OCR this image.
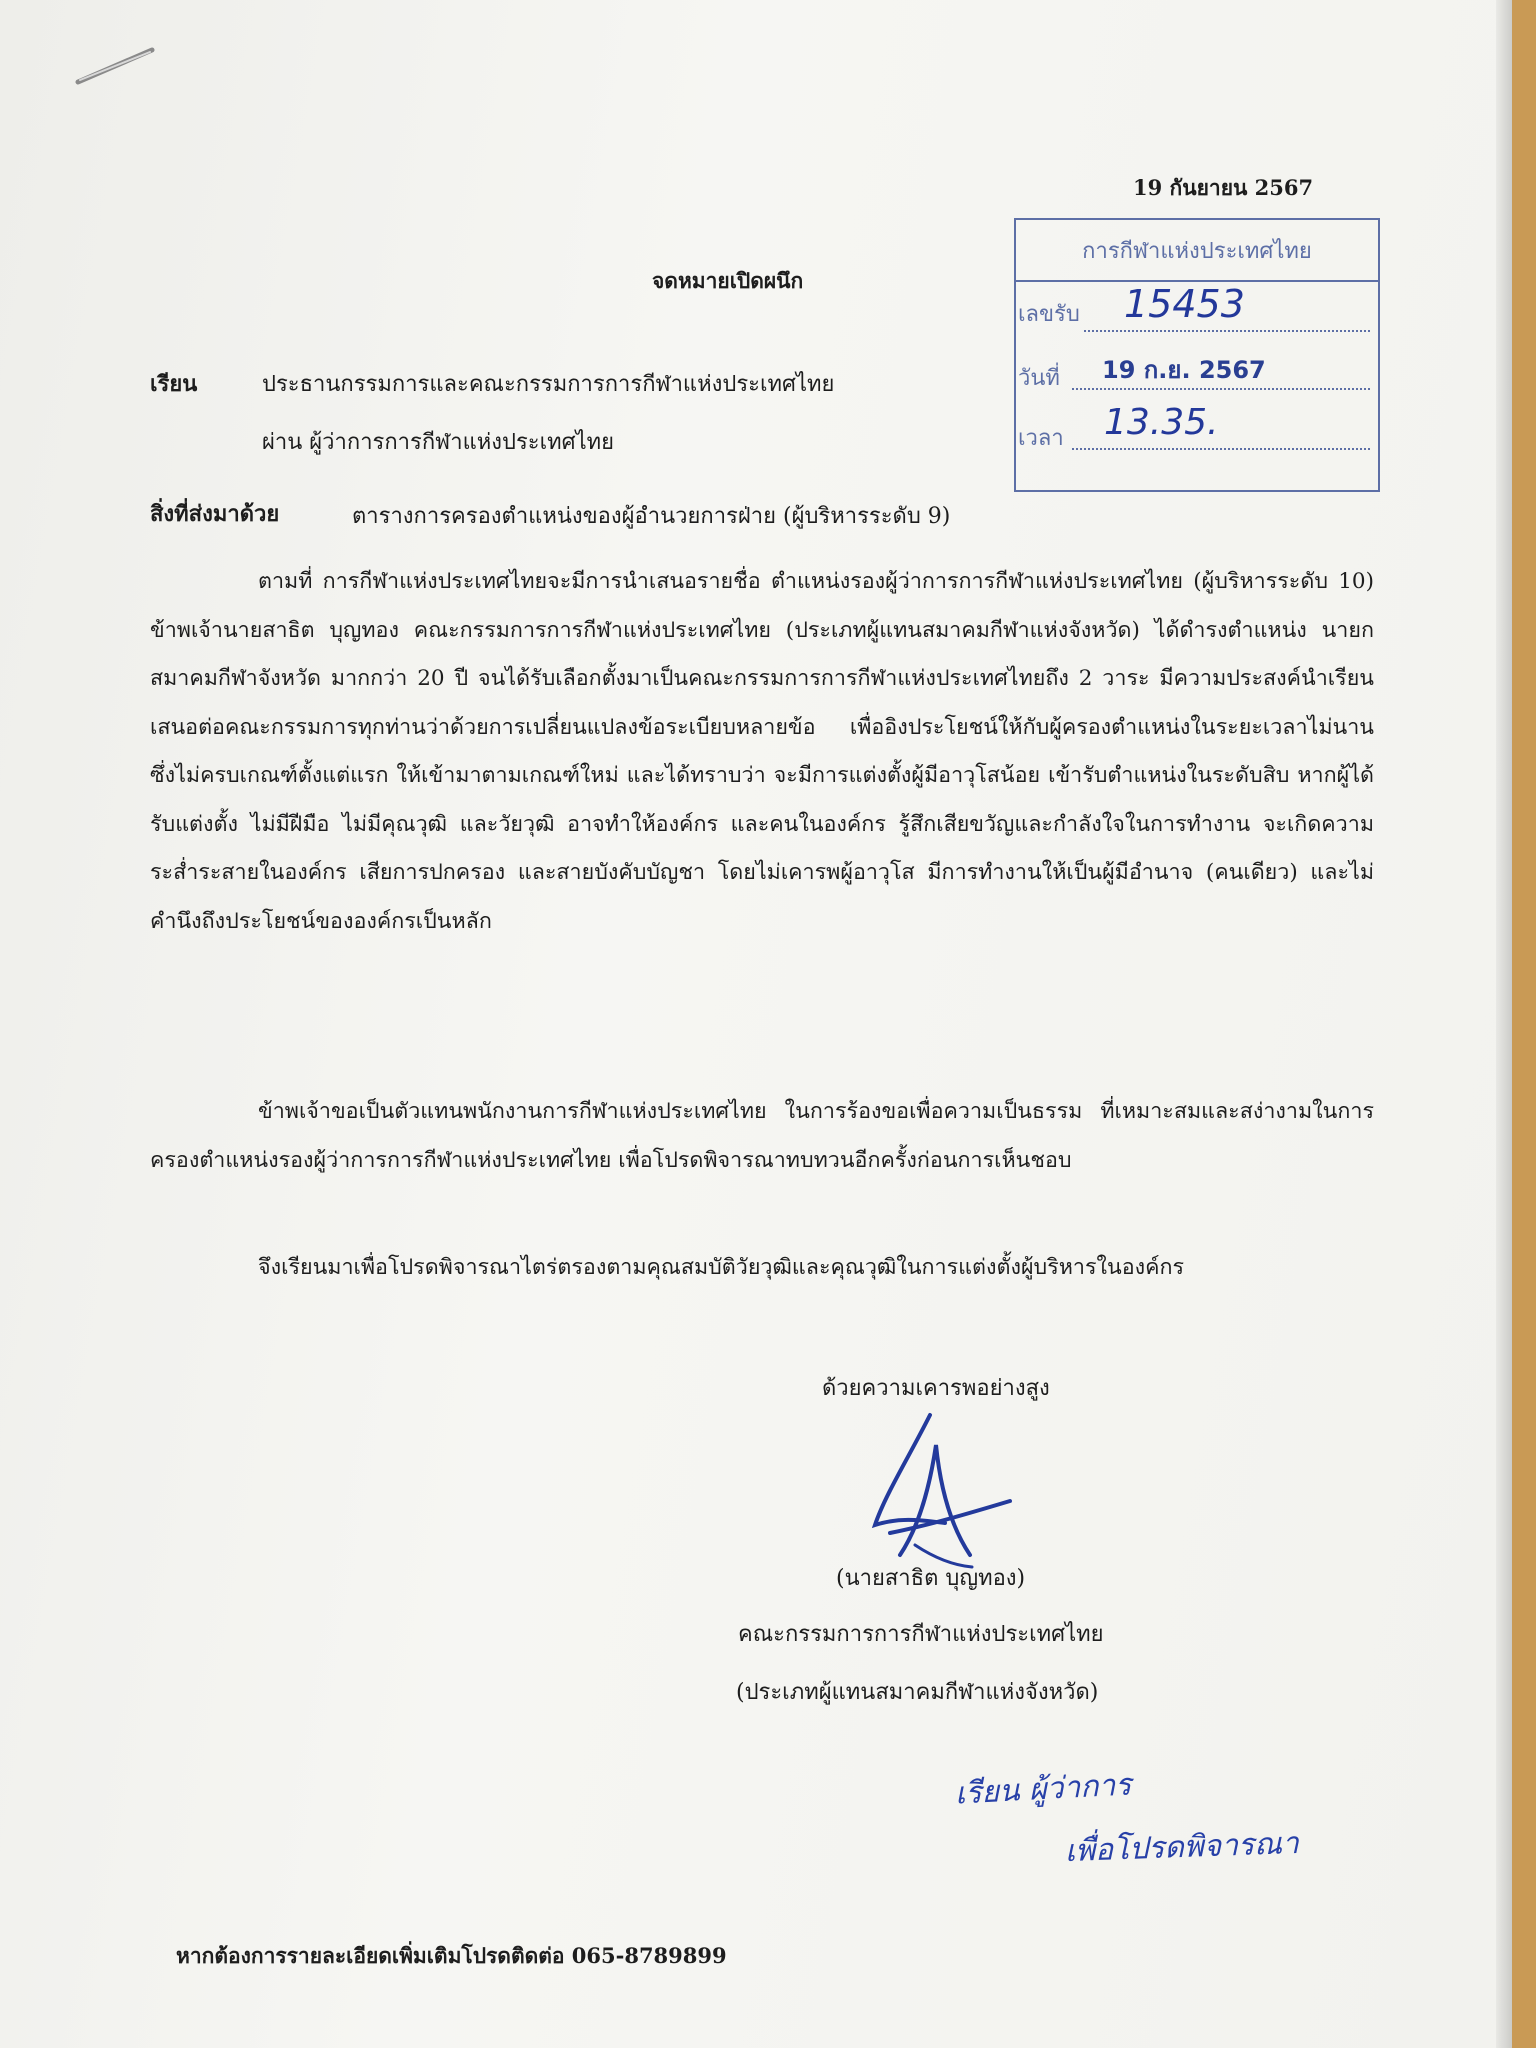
19 กันยายน 2567
จดหมายเปิดผนึก
การกีฬาแห่งประเทศไทย
เลขรับ 15453
วันที่ 19 ก.ย. 2567
เวลา 13.35.
เรียน	ประธานกรรมการและคณะกรรมการการกีฬาแห่งประเทศไทย
ผ่าน ผู้ว่าการการกีฬาแห่งประเทศไทย
สิ่งที่ส่งมาด้วย	ตารางการครองตำแหน่งของผู้อำนวยการฝ่าย (ผู้บริหารระดับ 9)
ตามที่ การกีฬาแห่งประเทศไทยจะมีการนำเสนอรายชื่อ ตำแหน่งรองผู้ว่าการการกีฬาแห่งประเทศไทย (ผู้บริหารระดับ 10) ข้าพเจ้านายสาธิต บุญทอง คณะกรรมการการกีฬาแห่งประเทศไทย (ประเภทผู้แทนสมาคมกีฬาแห่งจังหวัด) ได้ดำรงตำแหน่ง นายกสมาคมกีฬาจังหวัด มากกว่า 20 ปี จนได้รับเลือกตั้งมาเป็นคณะกรรมการการกีฬาแห่งประเทศไทยถึง 2 วาระ มีความประสงค์นำเรียน เสนอต่อคณะกรรมการทุกท่านว่าด้วยการเปลี่ยนแปลงข้อระเบียบหลายข้อ เพื่ออิงประโยชน์ให้กับผู้ครองตำแหน่งในระยะเวลาไม่นาน ซึ่งไม่ครบเกณฑ์ตั้งแต่แรก ให้เข้ามาตามเกณฑ์ใหม่ และได้ทราบว่า จะมีการแต่งตั้งผู้มีอาวุโสน้อย เข้ารับตำแหน่งในระดับสิบ หากผู้ได้รับแต่งตั้ง ไม่มีฝีมือ ไม่มีคุณวุฒิ และวัยวุฒิ อาจทำให้องค์กร และคนในองค์กร รู้สึกเสียขวัญและกำลังใจในการทำงาน จะเกิดความระส่ำระสายในองค์กร เสียการปกครอง และสายบังคับบัญชา โดยไม่เคารพผู้อาวุโส มีการทำงานให้เป็นผู้มีอำนาจ (คนเดียว) และไม่คำนึงถึงประโยชน์ขององค์กรเป็นหลัก
ข้าพเจ้าขอเป็นตัวแทนพนักงานการกีฬาแห่งประเทศไทย ในการร้องขอเพื่อความเป็นธรรม ที่เหมาะสมและสง่างามในการครองตำแหน่งรองผู้ว่าการการกีฬาแห่งประเทศไทย เพื่อโปรดพิจารณาทบทวนอีกครั้งก่อนการเห็นชอบ
จึงเรียนมาเพื่อโปรดพิจารณาไตร่ตรองตามคุณสมบัติวัยวุฒิและคุณวุฒิในการแต่งตั้งผู้บริหารในองค์กร
ด้วยความเคารพอย่างสูง
(นายสาธิต บุญทอง)
คณะกรรมการการกีฬาแห่งประเทศไทย
(ประเภทผู้แทนสมาคมกีฬาแห่งจังหวัด)
เรียน ผู้ว่าการ
เพื่อโปรดพิจารณา
หากต้องการรายละเอียดเพิ่มเติมโปรดติดต่อ 065-8789899
